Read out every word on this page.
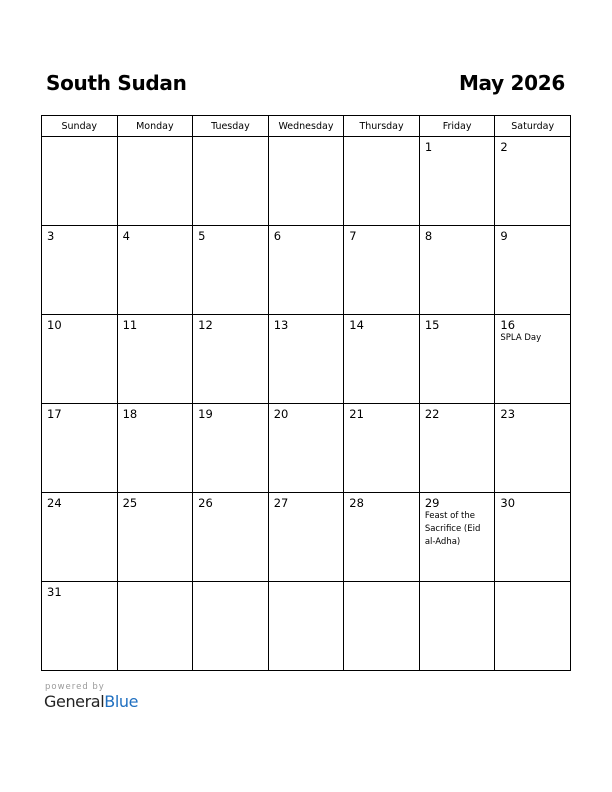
South Sudan	May 2026
Sunday	Monday	Tuesday	Wednesday	Thursday	Friday	Saturday

					1	2

3	4	5	6	7	8	9

10	11	12	13	14	15	16
SPLA Day

17	18	19	20	21	22	23

24	25	26	27	28	29
Feast of the Sacrifice (Eid al-Adha)	30

31						

powered by
GeneralBlue
